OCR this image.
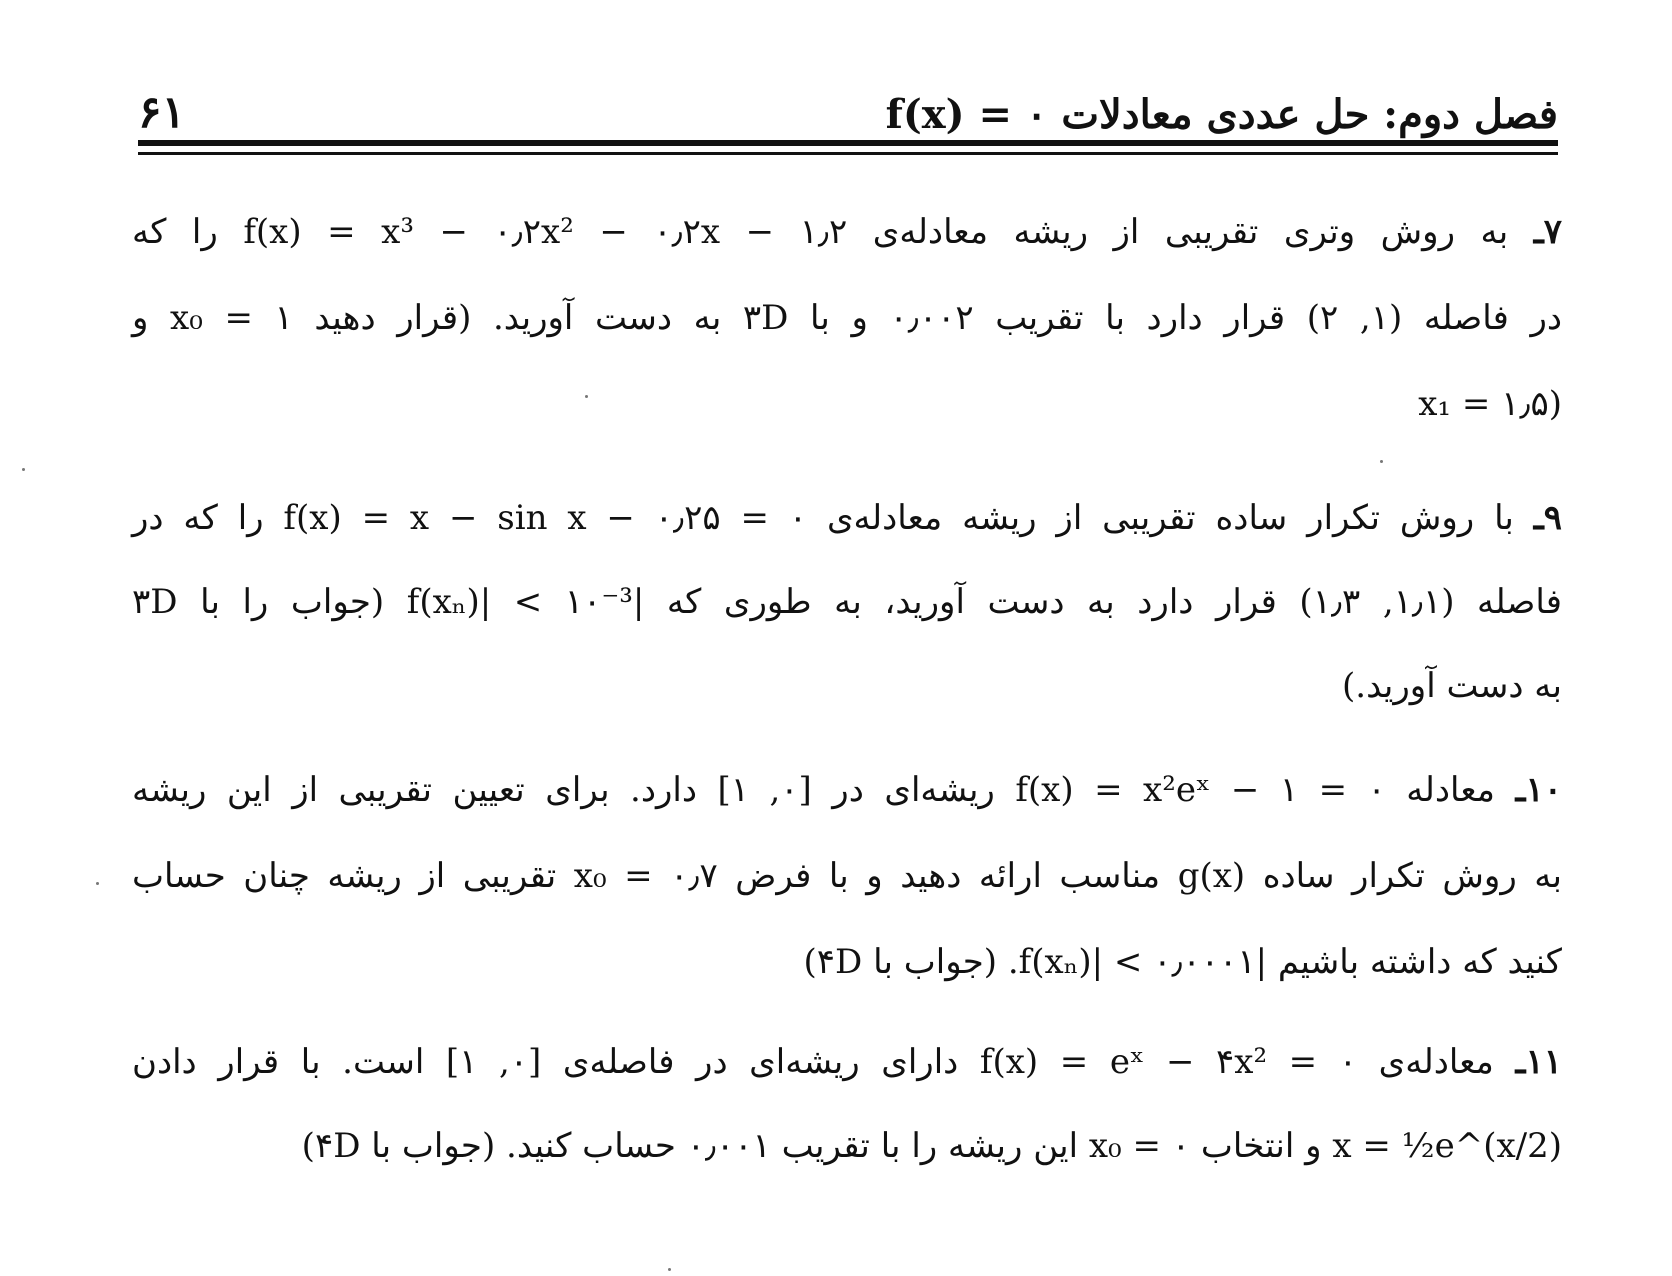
۶۱	فصل دوم: حل عددی معادلات f(x) = ۰
۷ـ به روش وتری تقریبی از ریشه معادله‌ی f(x) = x³ − ۰٫۲x² − ۰٫۲x − ۱٫۲ را که
در فاصله (۱, ۲) قرار دارد با تقریب ۰٫۰۰۲ و با ۳D به دست آورید. (قرار دهید x₀ = ۱ و
(x₁ = ۱٫۵
۹ـ با روش تکرار ساده تقریبی از ریشه معادله‌ی f(x) = x − sin x − ۰٫۲۵ = ۰ را که در
فاصله (۱٫۱, ۱٫۳) قرار دارد به دست آورید، به طوری که |f(xₙ)| < ۱۰⁻³ (جواب را با ۳D
به دست آورید.)
۱۰ـ معادله f(x) = x²eˣ − ۱ = ۰ ریشه‌ای در [۰, ۱] دارد. برای تعیین تقریبی از این ریشه
به روش تکرار ساده g(x) مناسب ارائه دهید و با فرض x₀ = ۰٫۷ تقریبی از ریشه چنان حساب
کنید که داشته باشیم |f(xₙ)| < ۰٫۰۰۰۱. (جواب با ۴D)
۱۱ـ معادله‌ی f(x) = eˣ − ۴x² = ۰ دارای ریشه‌ای در فاصله‌ی [۰, ۱] است. با قرار دادن
x = ½e^(x/2) و انتخاب x₀ = ۰ این ریشه را با تقریب ۰٫۰۰۱ حساب کنید. (جواب با ۴D)
